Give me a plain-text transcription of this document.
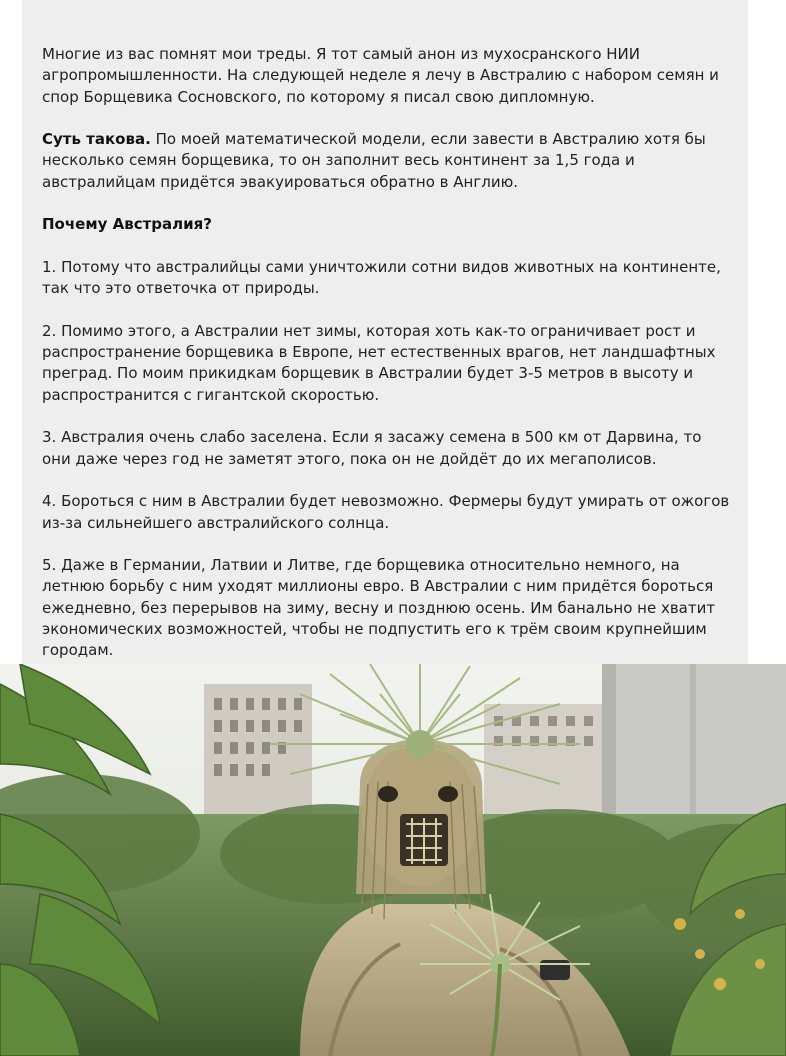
Многие из вас помнят мои треды. Я тот самый анон из мухосранского НИИ агропромышленности. На следующей неделе я лечу в Австралию с набором семян и спор Борщевика Сосновского, по которому я писал свою дипломную.

Суть такова. По моей математической модели, если завести в Австралию хотя бы несколько семян борщевика, то он заполнит весь континент за 1,5 года и австралийцам придётся эвакуироваться обратно в Англию.

Почему Австралия?

1. Потому что австралийцы сами уничтожили сотни видов животных на континенте, так что это ответочка от природы.

2. Помимо этого, а Австралии нет зимы, которая хоть как-то ограничивает рост и распространение борщевика в Европе, нет естественных врагов, нет ландшафтных преград. По моим прикидкам борщевик в Австралии будет 3-5 метров в высоту и распространится с гигантской скоростью.

3. Австралия очень слабо заселена. Если я засажу семена в 500 км от Дарвина, то они даже через год не заметят этого, пока он не дойдёт до их мегаполисов.

4. Бороться с ним в Австралии будет невозможно. Фермеры будут умирать от ожогов из-за сильнейшего австралийского солнца.

5. Даже в Германии, Латвии и Литве, где борщевика относительно немного, на летнюю борьбу с ним уходят миллионы евро. В Австралии с ним придётся бороться ежедневно, без перерывов на зиму, весну и позднюю осень. Им банально не хватит экономических возможностей, чтобы не подпустить его к трём своим крупнейшим городам.
